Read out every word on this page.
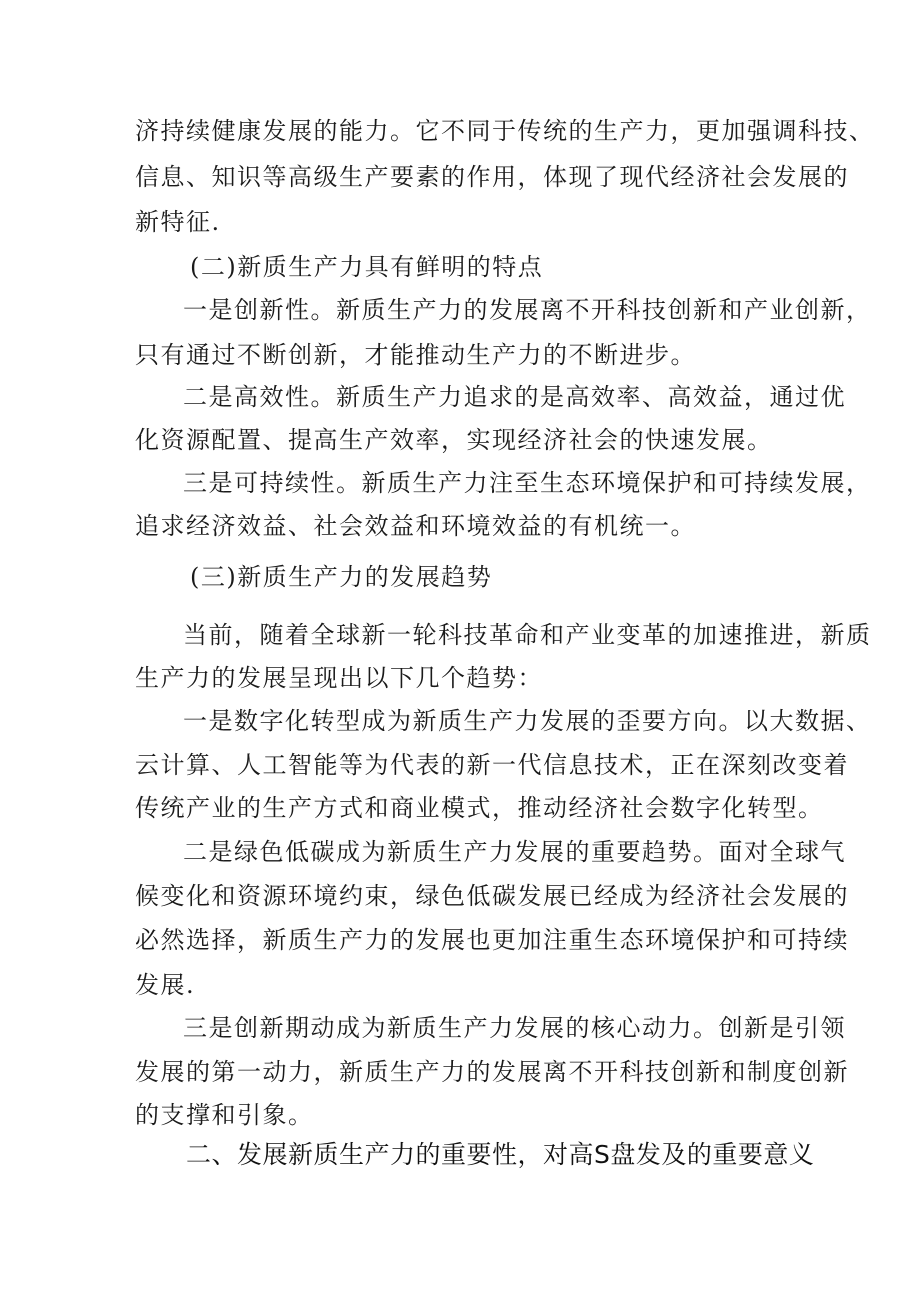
济持续健康发展的能力。它不同于传统的生产力，更加强调科技、
信息、知识等高级生产要素的作用，体现了现代经济社会发展的
新特征.
(二)新质生产力具有鲜明的特点
一是创新性。新质生产力的发展离不开科技创新和产业创新，
只有通过不断创新，才能推动生产力的不断进步。
二是高效性。新质生产力追求的是高效率、高效益，通过优
化资源配置、提高生产效率，实现经济社会的快速发展。
三是可持续性。新质生产力注至生态环境保护和可持续发展，
追求经济效益、社会效益和环境效益的有机统一。
(三)新质生产力的发展趋势
当前，随着全球新一轮科技革命和产业变革的加速推进，新质
生产力的发展呈现出以下几个趋势：
一是数字化转型成为新质生产力发展的歪要方向。以大数据、
云计算、人工智能等为代表的新一代信息技术，正在深刻改变着
传统产业的生产方式和商业模式，推动经济社会数字化转型。
二是绿色低碳成为新质生产力发展的重要趋势。面对全球气
候变化和资源环境约束，绿色低碳发展已经成为经济社会发展的
必然选择，新质生产力的发展也更加注重生态环境保护和可持续
发展.
三是创新期动成为新质生产力发展的核心动力。创新是引领
发展的第一动力，新质生产力的发展离不开科技创新和制度创新
的支撑和引象。
二、发展新质生产力的重要性，对高S盘发及的重要意义
